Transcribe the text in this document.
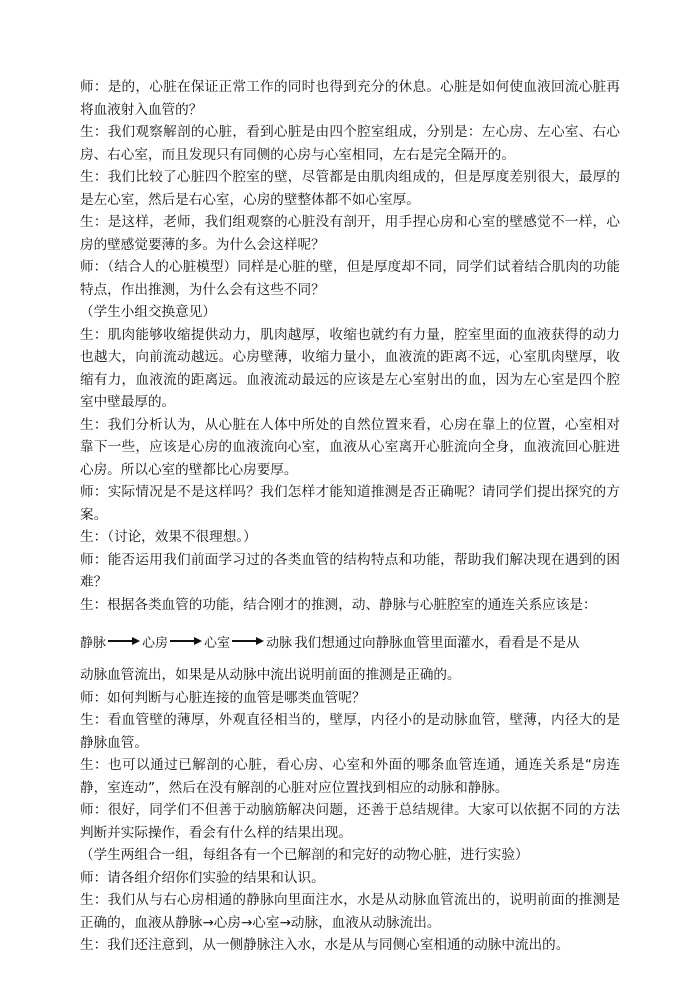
师：是的，心脏在保证正常工作的同时也得到充分的休息。心脏是如何使血液回流心脏再将血液射入血管的？

生：我们观察解剖的心脏，看到心脏是由四个腔室组成，分别是：左心房、左心室、右心房、右心室，而且发现只有同侧的心房与心室相同，左右是完全隔开的。

生：我们比较了心脏四个腔室的壁，尽管都是由肌肉组成的，但是厚度差别很大，最厚的是左心室，然后是右心室，心房的壁整体都不如心室厚。

生：是这样，老师，我们组观察的心脏没有剖开，用手捏心房和心室的壁感觉不一样，心房的壁感觉要薄的多。为什么会这样呢？

师：（结合人的心脏模型）同样是心脏的壁，但是厚度却不同，同学们试着结合肌肉的功能特点，作出推测，为什么会有这些不同？

（学生小组交换意见）

生：肌肉能够收缩提供动力，肌肉越厚，收缩也就约有力量，腔室里面的血液获得的动力也越大，向前流动越远。心房壁薄，收缩力量小，血液流的距离不远，心室肌肉壁厚，收缩有力，血液流的距离远。血液流动最远的应该是左心室射出的血，因为左心室是四个腔室中壁最厚的。

生：我们分析认为，从心脏在人体中所处的自然位置来看，心房在靠上的位置，心室相对靠下一些，应该是心房的血液流向心室，血液从心室离开心脏流向全身，血液流回心脏进心房。所以心室的壁都比心房要厚。

师：实际情况是不是这样吗？我们怎样才能知道推测是否正确呢？请同学们提出探究的方案。

生：（讨论，效果不很理想。）

师：能否运用我们前面学习过的各类血管的结构特点和功能，帮助我们解决现在遇到的困难？

生：根据各类血管的功能，结合刚才的推测，动、静脉与心脏腔室的通连关系应该是：

静脉	心房	心室	动脉 我们想通过向静脉血管里面灌水，看看是不是从

动脉血管流出，如果是从动脉中流出说明前面的推测是正确的。

师：如何判断与心脏连接的血管是哪类血管呢？

生：看血管壁的薄厚，外观直径相当的，壁厚，内径小的是动脉血管，壁薄，内径大的是静脉血管。

生：也可以通过已解剖的心脏，看心房、心室和外面的哪条血管连通，通连关系是“房连静，室连动”，然后在没有解剖的心脏对应位置找到相应的动脉和静脉。

师：很好，同学们不但善于动脑筋解决问题，还善于总结规律。大家可以依据不同的方法判断并实际操作，看会有什么样的结果出现。

（学生两组合一组，每组各有一个已解剖的和完好的动物心脏，进行实验）

师：请各组介绍你们实验的结果和认识。

生：我们从与右心房相通的静脉向里面注水，水是从动脉血管流出的，说明前面的推测是正确的，血液从静脉→心房→心室→动脉，血液从动脉流出。

生：我们还注意到，从一侧静脉注入水，水是从与同侧心室相通的动脉中流出的。
